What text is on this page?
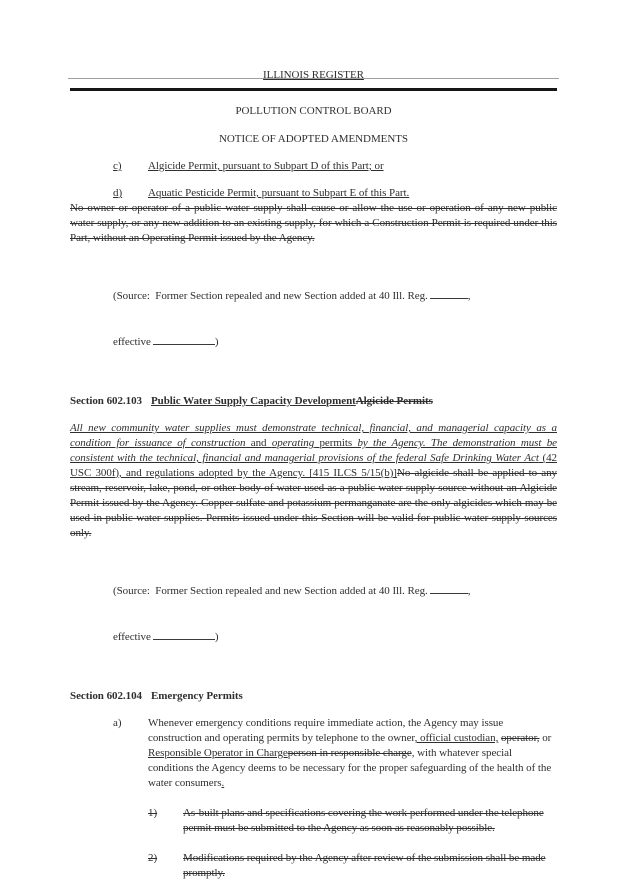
ILLINOIS REGISTER
POLLUTION CONTROL BOARD
NOTICE OF ADOPTED AMENDMENTS
c)	Algicide Permit, pursuant to Subpart D of this Part; or
d)	Aquatic Pesticide Permit, pursuant to Subpart E of this Part.
No owner or operator of a public water supply shall cause or allow the use or operation of any new public water supply, or any new addition to an existing supply, for which a Construction Permit is required under this Part, without an Operating Permit issued by the Agency.

(Source:  Former Section repealed and new Section added at 40 Ill. Reg.	,

effective	)

Section 602.103 Public Water Supply Capacity DevelopmentAlgicide Permits
All new community water supplies must demonstrate technical, financial, and managerial capacity as a condition for issuance of construction and operating permits by the Agency. The demonstration must be consistent with the technical, financial and managerial provisions of the federal Safe Drinking Water Act (42 USC 300f), and regulations adopted by the Agency. [415 ILCS 5/15(b)]No algicide shall be applied to any stream, reservoir, lake, pond, or other body of water used as a public water supply source without an Algicide Permit issued by the Agency. Copper sulfate and potassium permanganate are the only algicides which may be used in public water supplies. Permits issued under this Section will be valid for public water supply sources only.

(Source:  Former Section repealed and new Section added at 40 Ill. Reg.	,

effective	)

Section 602.104 Emergency Permits
a)	Whenever emergency conditions require immediate action, the Agency may issue construction and operating permits by telephone to the owner, official custodian, operator, or Responsible Operator in Chargeperson in responsible charge, with whatever special conditions the Agency deems to be necessary for the proper safeguarding of the health of the water consumers.
1)	As-built plans and specifications covering the work performed under the telephone permit must be submitted to the Agency as soon as reasonably possible.
2)	Modifications required by the Agency after review of the submission shall be made promptly.
